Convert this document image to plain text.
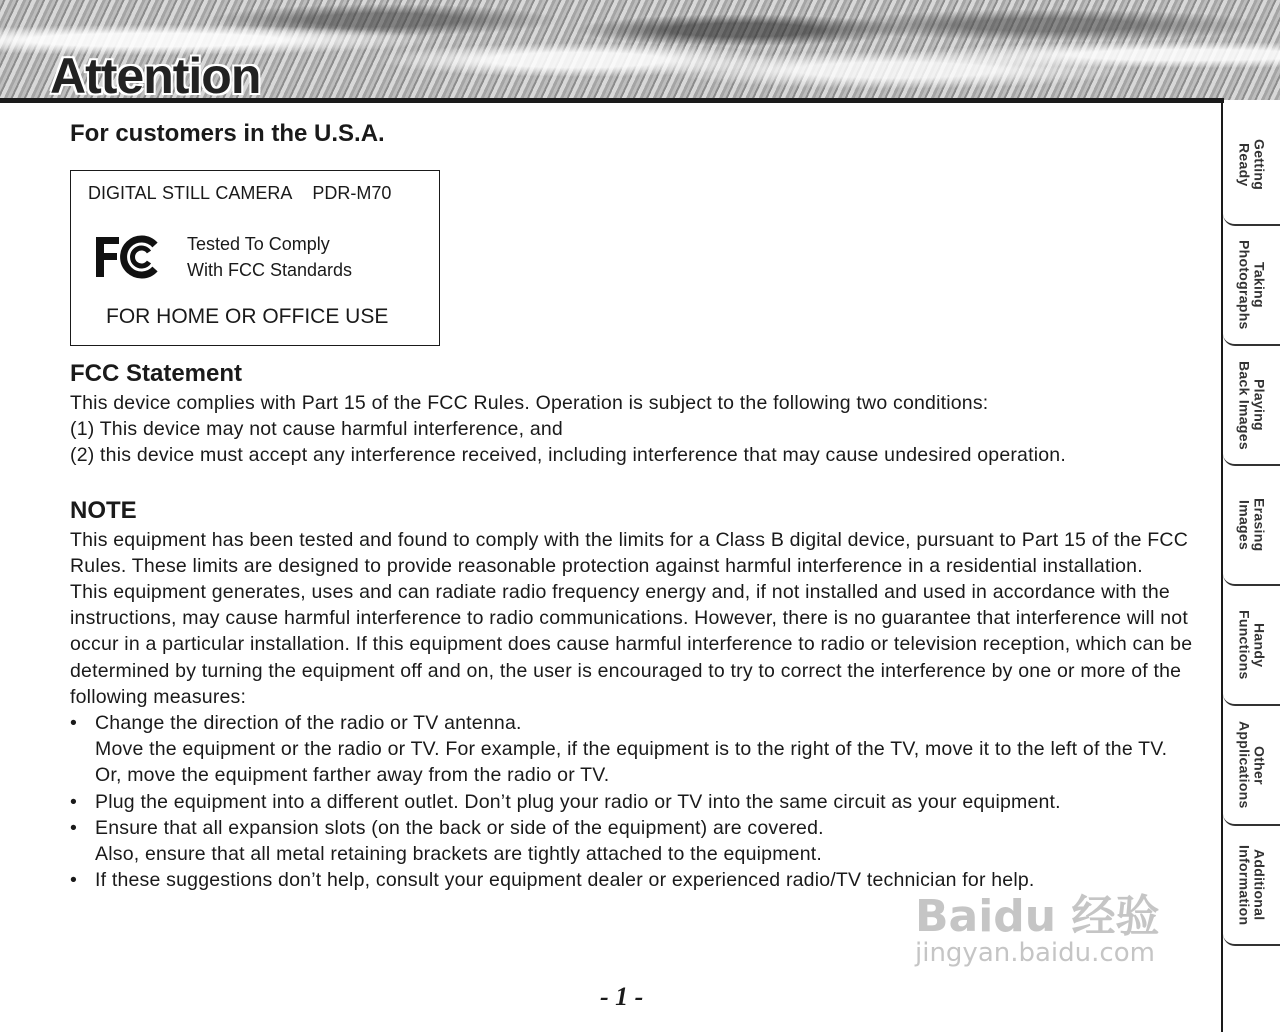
Attention
For customers in the U.S.A.
DIGITAL STILL CAMERA PDR-M70
Tested To Comply
With FCC Standards
FOR HOME OR OFFICE USE
FCC Statement

This device complies with Part 15 of the FCC Rules. Operation is subject to the following two conditions:

(1) This device may not cause harmful interference, and

(2) this device must accept any interference received, including interference that may cause undesired operation.

NOTE

This equipment has been tested and found to comply with the limits for a Class B digital device, pursuant to Part 15 of the FCC Rules. These limits are designed to provide reasonable protection against harmful interference in a residential installation.

This equipment generates, uses and can radiate radio frequency energy and, if not installed and used in accordance with the instructions, may cause harmful interference to radio communications. However, there is no guarantee that interference will not occur in a particular installation. If this equipment does cause harmful interference to radio or television reception, which can be determined by turning the equipment off and on, the user is encouraged to try to correct the interference by one or more of the following measures:

• Change the direction of the radio or TV antenna.
Move the equipment or the radio or TV. For example, if the equipment is to the right of the TV, move it to the left of the TV.
Or, move the equipment farther away from the radio or TV.
• Plug the equipment into a different outlet. Don’t plug your radio or TV into the same circuit as your equipment.
• Ensure that all expansion slots (on the back or side of the equipment) are covered.
Also, ensure that all metal retaining brackets are tightly attached to the equipment.
• If these suggestions don’t help, consult your equipment dealer or experienced radio/TV technician for help.
- 1 -
Getting
Ready
Taking
Photographs
Playing
Back Images
Erasing
Images
Handy
Functions
Other
Applications
Additional
Information
Baidu 经验
jingyan.baidu.com
